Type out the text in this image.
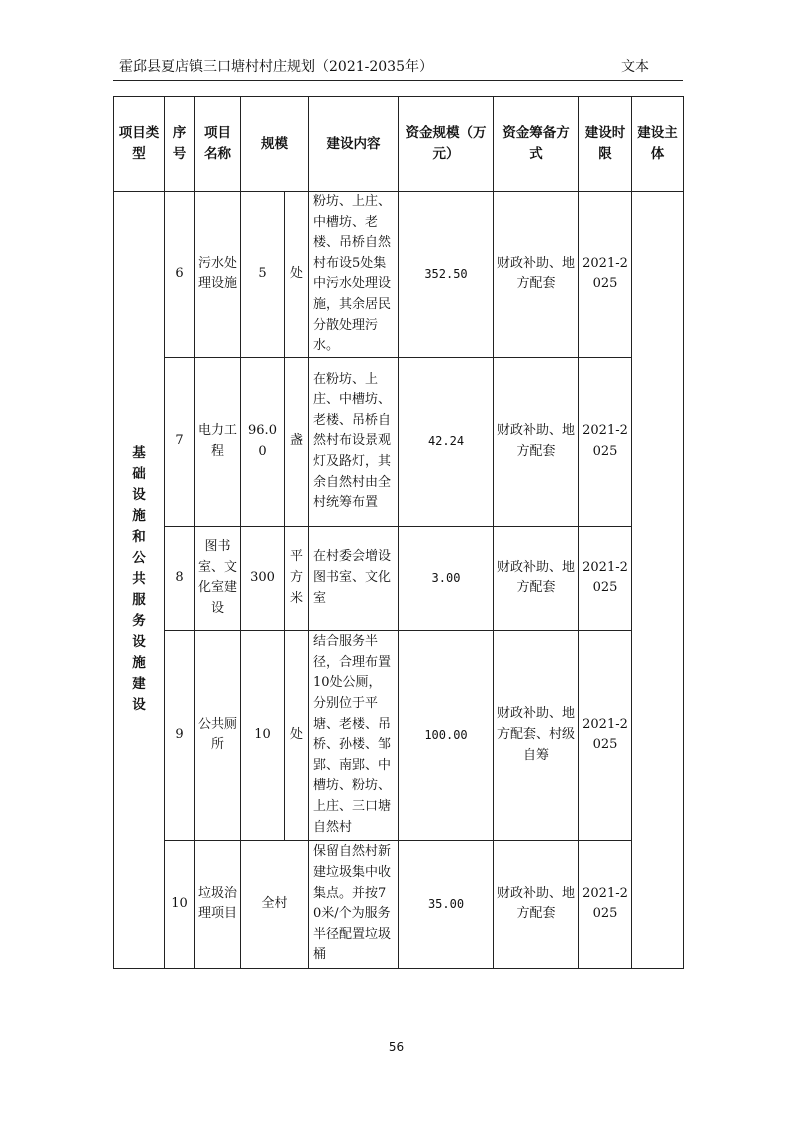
霍邱县夏店镇三口塘村村庄规划（2021-2035年）	文本
项目类型	序号	项目名称	规模		建设内容	资金规模（万元）	资金筹备方式	建设时限	建设主体
基础设施和公共服务设施建设	6	污水处理设施	5	处	粉坊、上庄、中槽坊、老楼、吊桥自然村布设5处集中污水处理设施，其余居民分散处理污水。	352.50	财政补助、地方配套	2021-2025	
	7	电力工程	96.00	盏	在粉坊、上庄、中槽坊、老楼、吊桥自然村布设景观灯及路灯，其余自然村由全村统筹布置	42.24	财政补助、地方配套	2021-2025	
	8	图书室、文化室建设	300	平方米	在村委会增设图书室、文化室	3.00	财政补助、地方配套	2021-2025	
	9	公共厕所	10	处	结合服务半径，合理布置10处公厕，分别位于平塘、老楼、吊桥、孙楼、邹郢、南郢、中槽坊、粉坊、上庄、三口塘自然村	100.00	财政补助、地方配套、村级自筹	2021-2025	
	10	垃圾治理项目	全村		保留自然村新建垃圾集中收集点。并按70米/个为服务半径配置垃圾桶	35.00	财政补助、地方配套	2021-2025	
56
